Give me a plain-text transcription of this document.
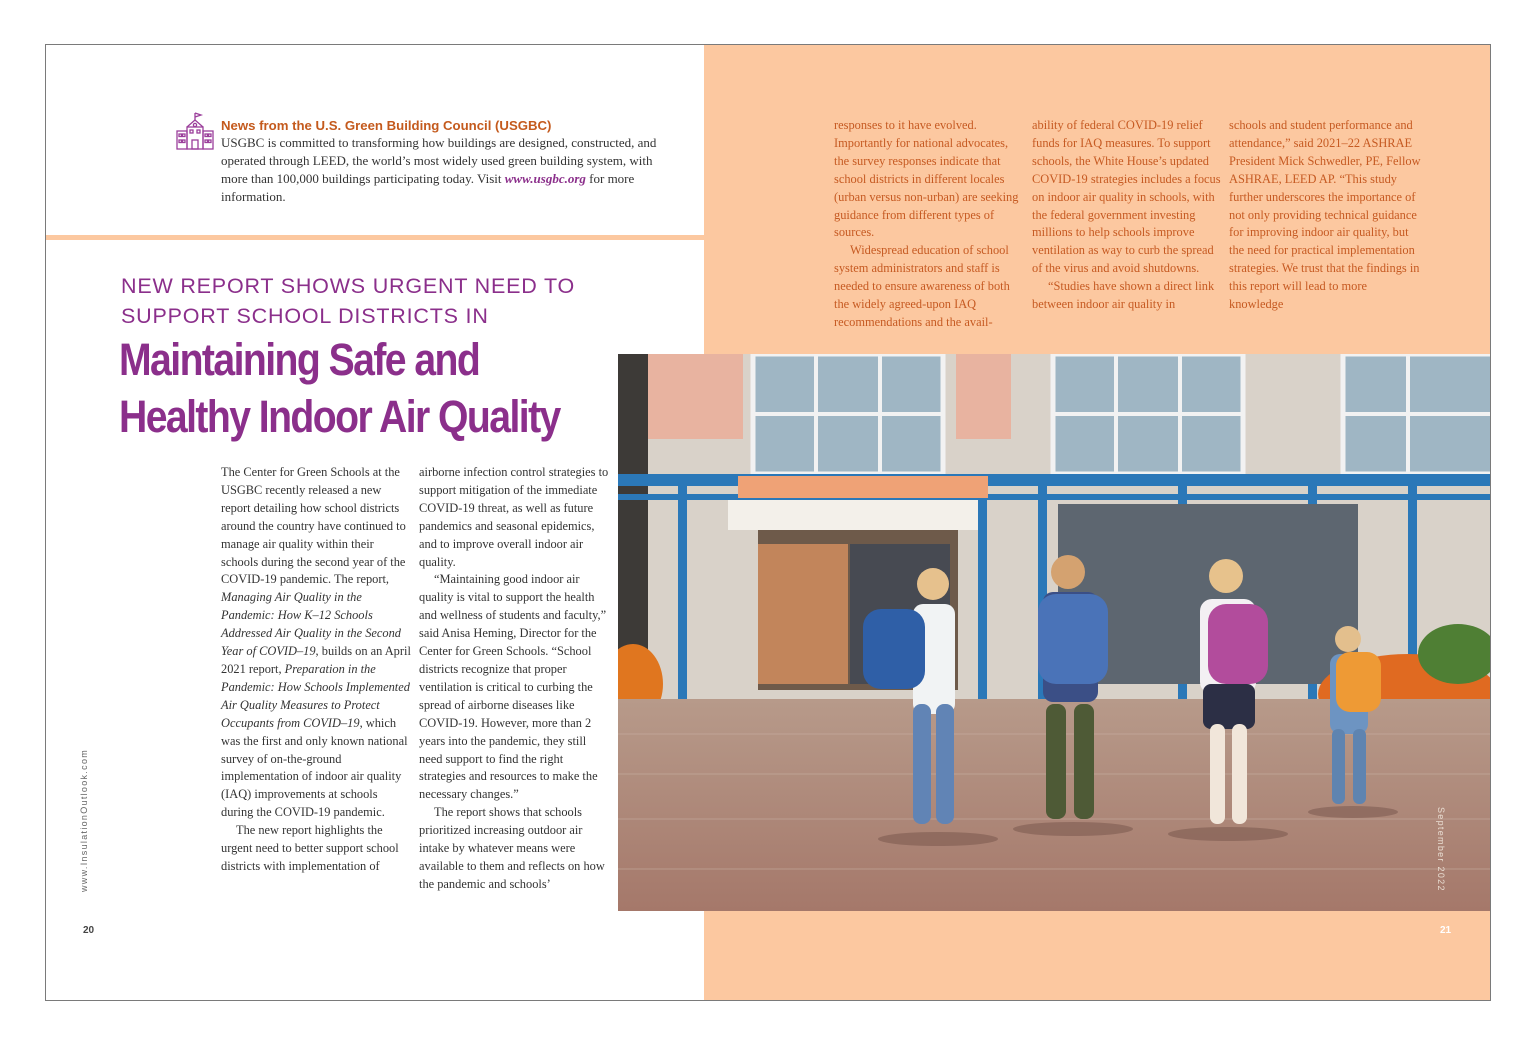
News from the U.S. Green Building Council (USGBC)
USGBC is committed to transforming how buildings are designed, constructed, and operated through LEED, the world’s most widely used green building system, with more than 100,000 buildings participating today. Visit www.usgbc.org for more information.
NEW REPORT SHOWS URGENT NEED TO
SUPPORT SCHOOL DISTRICTS IN
Maintaining Safe and
Healthy Indoor Air Quality

The Center for Green Schools at the USGBC recently released a new report detailing how school districts around the country have continued to manage air quality within their schools during the second year of the COVID-19 pandemic. The report, Managing Air Quality in the Pandemic: How K–12 Schools Addressed Air Quality in the Second Year of COVID–19, builds on an April 2021 report, Preparation in the Pandemic: How Schools Implemented Air Quality Measures to Protect Occupants from COVID–19, which was the first and only known national survey of on-the-ground implementation of indoor air quality (IAQ) improvements at schools during the COVID-19 pandemic.

The new report highlights the urgent need to better support school districts with implementation of

airborne infection control strategies to support mitigation of the immediate COVID-19 threat, as well as future pandemics and seasonal epidemics, and to improve overall indoor air quality.

“Maintaining good indoor air quality is vital to support the health and wellness of students and faculty,” said Anisa Heming, Director for the Center for Green Schools. “School districts recognize that proper ventilation is critical to curbing the spread of airborne diseases like COVID-19. However, more than 2 years into the pandemic, they still need support to find the right strategies and resources to make the necessary changes.”

The report shows that schools prioritized increasing outdoor air intake by whatever means were available to them and reflects on how the pandemic and schools’

responses to it have evolved. Importantly for national advocates, the survey responses indicate that school districts in different locales (urban versus non-urban) are seeking guidance from different types of sources.

Widespread education of school system administrators and staff is needed to ensure awareness of both the widely agreed-upon IAQ recommendations and the avail-

ability of federal COVID-19 relief funds for IAQ measures. To support schools, the White House’s updated COVID-19 strategies includes a focus on indoor air quality in schools, with the federal government investing millions to help schools improve ventilation as way to curb the spread of the virus and avoid shutdowns.

“Studies have shown a direct link between indoor air quality in

schools and student performance and attendance,” said 2021–22 ASHRAE President Mick Schwedler, PE, Fellow ASHRAE, LEED AP. “This study further underscores the importance of not only providing technical guidance for improving indoor air quality, but the need for practical implementation strategies. We trust that the findings in this report will lead to more knowledge

www.InsulationOutlook.com	September 2022
20	21
